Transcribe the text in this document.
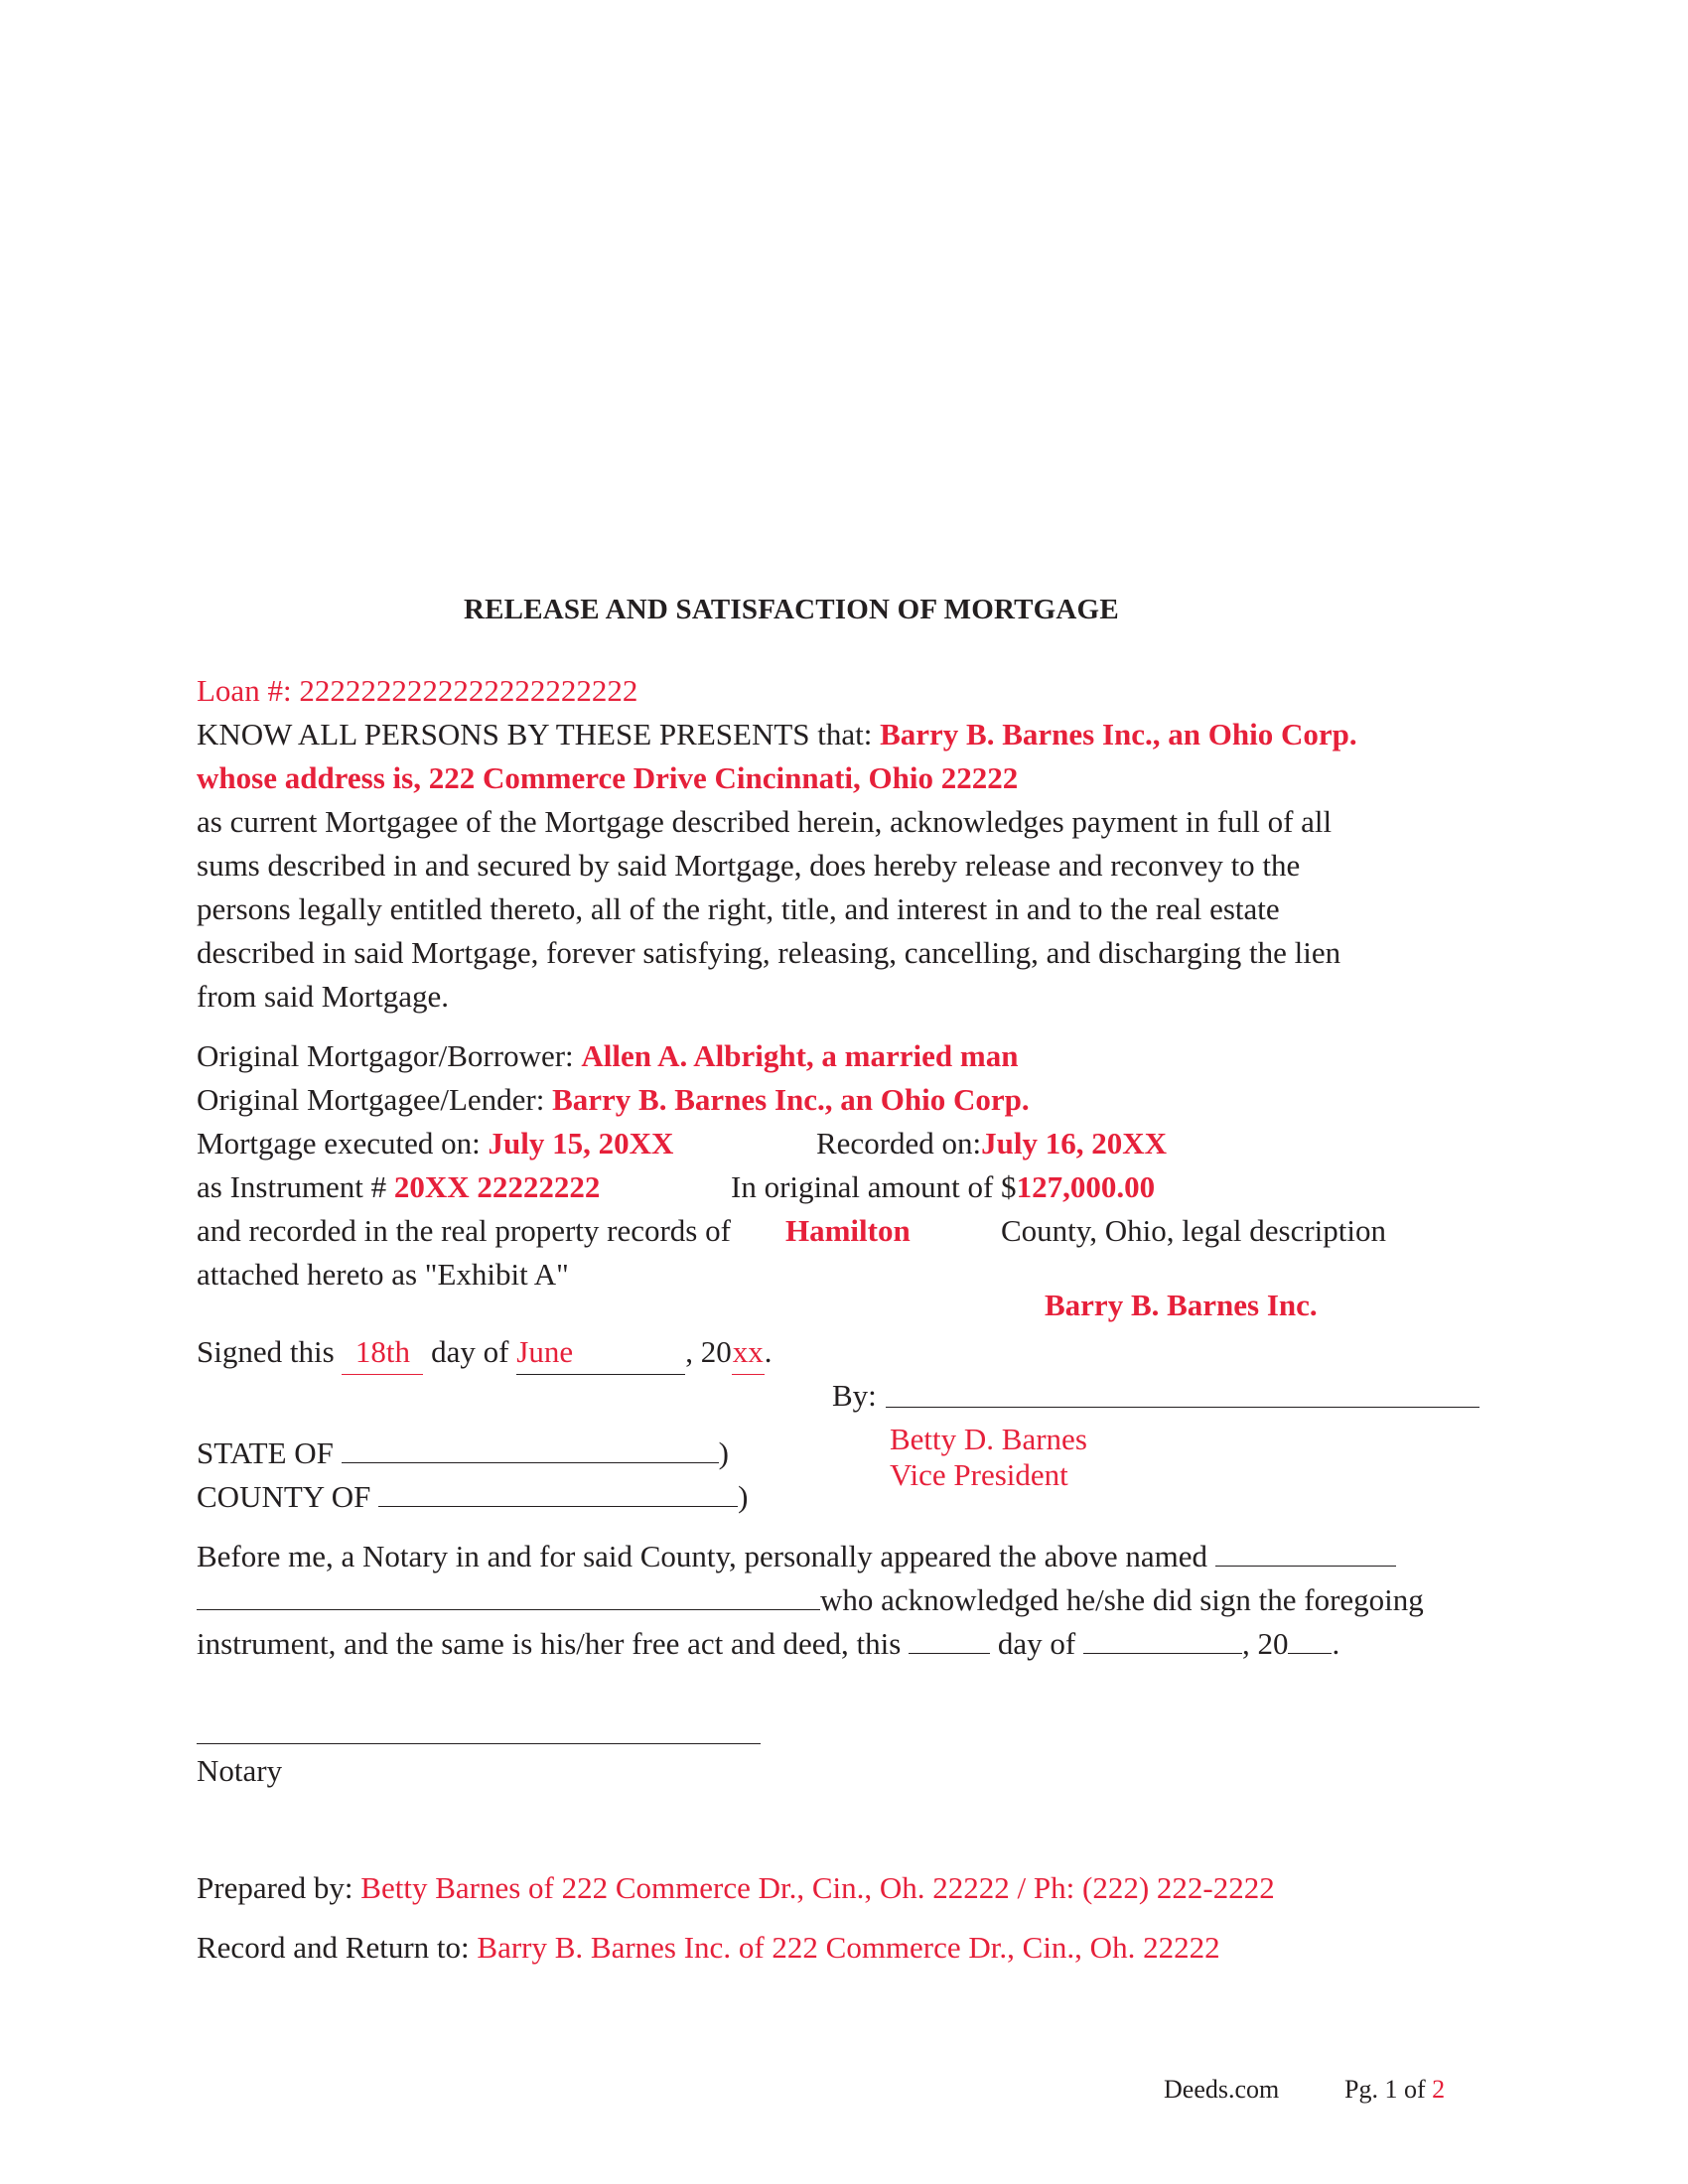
RELEASE AND SATISFACTION OF MORTGAGE
Loan #: 2222222222222222222222
KNOW ALL PERSONS BY THESE PRESENTS that: Barry B. Barnes Inc., an Ohio Corp.
whose address is, 222 Commerce Drive Cincinnati, Ohio 22222
as current Mortgagee of the Mortgage described herein, acknowledges payment in full of all
sums described in and secured by said Mortgage, does hereby release and reconvey to the
persons legally entitled thereto, all of the right, title, and interest in and to the real estate
described in said Mortgage, forever satisfying, releasing, cancelling, and discharging the lien
from said Mortgage.
Original Mortgagor/Borrower: Allen A. Albright, a married man
Original Mortgagee/Lender: Barry B. Barnes Inc., an Ohio Corp.
Mortgage executed on: July 15, 20XX	Recorded on:July 16, 20XX
as Instrument # 20XX 22222222	In original amount of $127,000.00
and recorded in the real property records of Hamilton	County, Ohio, legal description
attached hereto as "Exhibit A"
Barry B. Barnes Inc.
Signed this 18th day of June	, 20xx.
By:
Betty D. Barnes
Vice President
STATE OF	)
COUNTY OF	)
Before me, a Notary in and for said County, personally appeared the above named
who acknowledged he/she did sign the foregoing
instrument, and the same is his/her free act and deed, this	day of	, 20 .
Notary
Prepared by: Betty Barnes of 222 Commerce Dr., Cin., Oh. 22222 / Ph: (222) 222-2222
Record and Return to: Barry B. Barnes Inc. of 222 Commerce Dr., Cin., Oh. 22222
Deeds.com	Pg. 1 of 2
